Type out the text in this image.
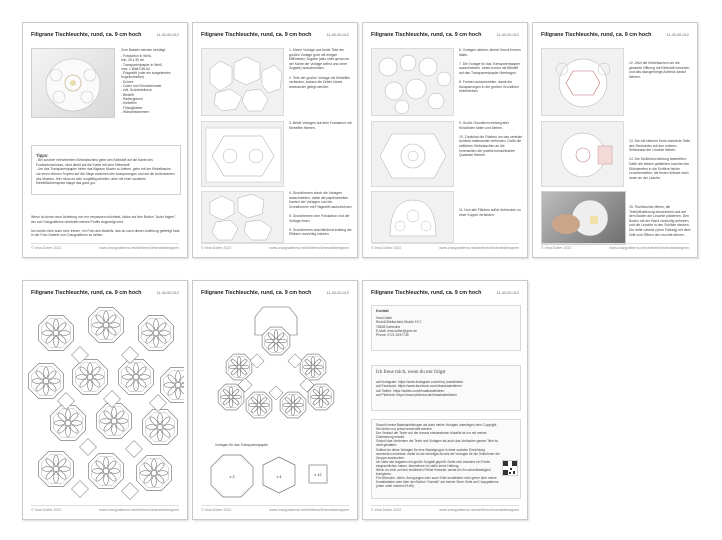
Filigrane Tischleuchte, rund, ca. 9 cm hoch	11-40-00-012
Zum Basteln werden benötigt:
- Fotokarton in Weiß,
min. 25 x 35 cm
- Transparentpapier in Weiß,
max. 1 Blatt DIN A4
- Prägestift (oder ein ausgeleertes
Kugelschreiber)
- Schere
- Cutter und Schneidematte
- evtl. Schneidelineal
- Bleistift
- Radiergummi
- Klebefilm
- Flüssigkleber
- Wäscheklammern

Tipps:

- Bei schöner erleichtertem Klebeabschied gebe den Klebstoff auf die Kante des Fotokartonsrückes, nicht direkt auf die Kante mit dem Klebestoff.
- Um das Transparentpapier hinter das filigrane Muster zu kleben, gebe mit der Klebeflasche nur einen dünnen Tropfen auf die Stege zwischen den Aussparungen und auf die Außenkanten des Musters. Hier muss es sehr sorgfältig arbeiten, aber mit einer sauberen Klebefläschenspitze klappt das ganz gut.

Wenn du keine neue Anleitung von mir verpassen möchtest, klicke auf den Button "Autor folgen", der auf Crazypatterns oberhalb meines Profils angezeigt wird.

Ich würde mich auch sehr freuen, ein Foto des Modells, das du nach dieser Anleitung gefertigt hast, in der Foto-Galerie von Crazypatterns zu sehen.
© Irina Dotter 2022	www.crazypatterns.net/de/items/ilmendeldesignen
Filigrane Tischleuchte, rund, ca. 9 cm hoch	11-40-00-012
1. Kleine Vorlage und beide Teile der großen Vorlage grob mit einigen Millimetern Zugabe (also nicht genau an der Kante der Vorlage selbst und ohne Zugabe) ausschneiden.

2. Teile der großen Vorlage mit Klebefilm verbinden, sodass die Zeilen kürzer aneinander gelegt werden.
3. Beide Vorlagen auf dem Fotokarton mit Klebefilm fixieren.
4. Grundformen durch die Vorlagen ausschneiden, dabei die papierarbeiten Kanten der Vorlagen und der Grundformen mit Prägestift nachzeichnen.

5. Grundformen vom Fotokarton und der Vorlage lösen.

6. Grundformen anschließend entlang der Rillinien vorsichtig knicken.
© Irina Dotter 2022	www.crazypatterns.net/de/items/ilmendeldesignen
Filigrane Tischleuchte, rund, ca. 9 cm hoch	11-40-00-012
6. Vorlagen aktiven; kleine Grund-formen falten.

7. Die Vorlage für das Transparentpapier ausschneiden. Innen-kontur mit Bleistift auf das Transparentpapier übertragen.

8. Formen ausschneiden, damit die Aussparungen in der großen Grundform hinterkleben.
9. Große Grundform entlang aller Knicklinien falten und kleben.

10. Zunächst die Flächen um das zentrale Achteck miteinander verbinden. Dafür die seitlichen Klebelaschen an die Innenseiten der jeweils benachbarten Quadrate fixieren.
11. Nun alle Flächen außer Achtecken zu einer Kuppel verbinden.
© Irina Dotter 2022	www.crazypatterns.net/de/items/ilmendeldesignen
Filigrane Tischleuchte, rund, ca. 9 cm hoch	11-40-00-012
12. Jetzt die Klebelaschen um die gesamte Öffnung mit Klebstoff versehen und das dazugehörige Achteck darauf fixieren.
13. Die mit kleinem Kreis markierte Seite des Sechsecks auf den unteren Seitenrand der Leuchte kleben.

14. Die Schließvorrichtung bearbeiten: Dafür die beiden gefalteten Laschen der Stützstreifen in die Schlitze beider Leuchtenseiten, die festen Wände nach innen an der Lasche.
15. Tischleuchte öffnen, die Teelichthalterung einschieben und auf dem Boden der Leuchte platzieren. Den Boden mit der Hand vorsichtig anheben und die Leuchte in den Schlitze stecken. Die dritte Lasche (ohne Faltung) mit dem Griff zum Öffnen der Leuchte dienen.
© Irina Dotter 2022	www.crazypatterns.net/de/items/ilmendeldesignen
Filigrane Tischleuchte, rund, ca. 9 cm hoch	11-40-00-012
© Irina Dotter 2022	www.crazypatterns.net/de/items/ilmendeldesignen
Filigrane Tischleuchte, rund, ca. 9 cm hoch	11-40-00-012
Vorlagen für das Transparentpapier
x 3	x 4	x 12
© Irina Dotter 2022	www.crazypatterns.net/de/items/ilmendeldesignen
Filigrane Tischleuchte, rund, ca. 9 cm hoch	11-40-00-012
Kontakt
Irina Dotter
Rudolf-Breitscheid-Straße 19 C
78638 Karlsruhe
E-Mail: irina.dotter@gmx.de
Phone: 0721-9247735
Ich freue mich, wenn du mir folgst
auf Instagram: https://www.instagram.com/irina_bastelideen
auf Facebook: https://www.facebook.com/irinasbastelideen
auf Twitter: https://twitter.com/irinasbastelideen
auf Pinterest: https://www.pinterest.de/irinasbastelideen
Sowohl meine Bastelanleitungen als auch meine Vorlagen unterliegen dem Copyright. Sie dürfen nur privat verwendet werden.
Der Verkauf der Texte und der daraus entstandenen Modelle ist nur mit meiner Zustimmung erlaubt.
Sowohl das Verändern der Texte und Vorlagen als auch das Verkaufen ganzer Teile ist nicht gestattet.
Solltest du deine Vorlagen für eine Bastelgruppe in einer sozialen Einrichtung verwenden möchtest, darfst du die benötigte Anzahl der Vorlagen für die Teilnehmer der Gruppe ausdrucken.
Ich habe alle Angaben mit großer Sorgfalt geprüft. Sollte sich trotzdem ein Fehler eingeschlichen haben, übernehme ich dafür keine Haftung.
Wenn du mich auf den erwähnten Fehler hinweist, werde ich ihn schnellstmöglich korrigieren.
Für Wünsche, Ideen, Anregungen oder auch Kritik kontaktiere mich gerne über meine Kontaktdaten oder über den Button "Kontakt" auf meiner Store-Seite auf Crazypatterns (oben unter meinem Profil).
© Irina Dotter 2022	www.crazypatterns.net/de/items/ilmendeldesignen
